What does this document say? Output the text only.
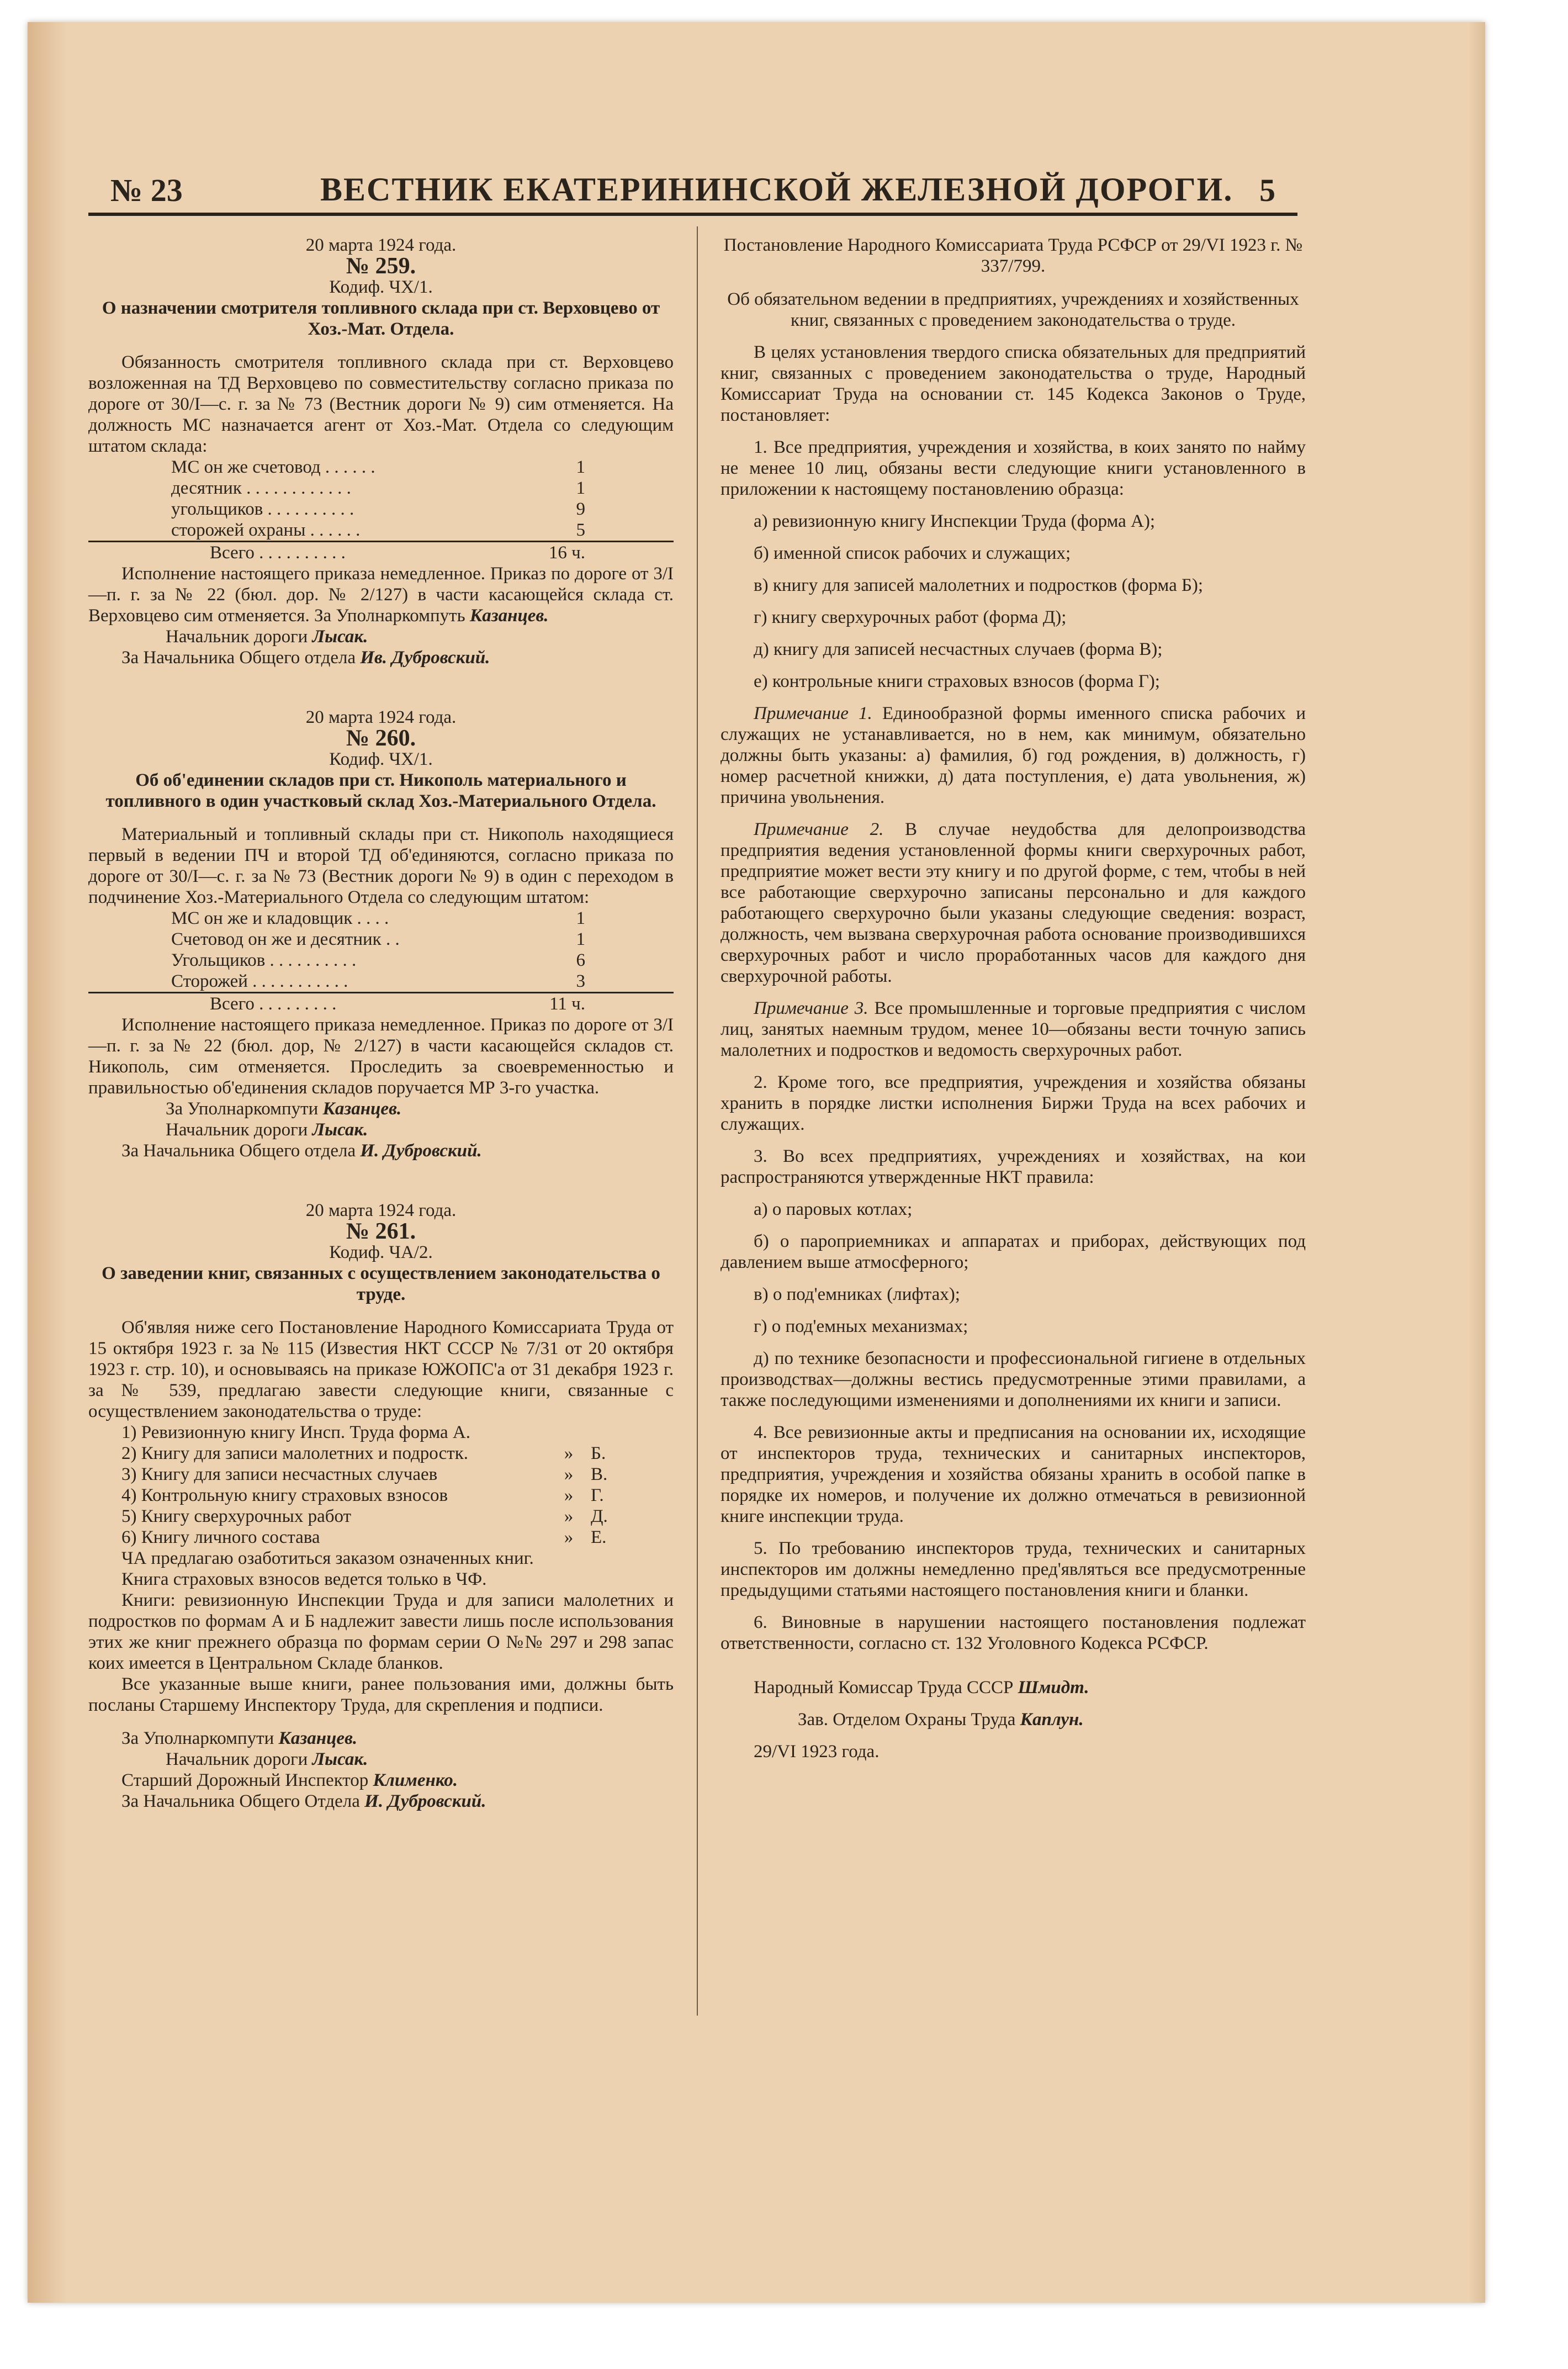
№ 23	ВЕСТНИК ЕКАТЕРИНИНСКОЙ ЖЕЛЕЗНОЙ ДОРОГИ. 5

20 марта 1924 года.

№ 259.

Кодиф. ЧХ/1.

О назначении смотрителя топливного склада при ст. Верховцево от Хоз.-Мат. Отдела.

Обязанность смотрителя топливного склада при ст. Верховцево возложенная на ТД Верховцево по совместительству согласно приказа по дороге от 30/I—с. г. за № 73 (Вестник дороги № 9) сим отменяется. На должность МС назначается агент от Хоз.-Мат. Отдела со следующим штатом склада:

МС он же счетовод . . . . . .	1
десятник . . . . . . . . . . . .	1
угольщиков . . . . . . . . . .	9
сторожей охраны . . . . . .	5
Всего . . . . . . . . . .	16 ч.

Исполнение настоящего приказа немедленное. Приказ по дороге от 3/I—п. г. за № 22 (бюл. дор. № 2/127) в части касающейся склада ст. Верховцево сим отменяется. За Уполнаркомпуть Казанцев.

Начальник дороги Лысак.

За Начальника Общего отдела Ив. Дубровский.

20 марта 1924 года.

№ 260.

Кодиф. ЧХ/1.

Об об'единении складов при ст. Никополь материального и топливного в один участковый склад Хоз.-Материального Отдела.

Материальный и топливный склады при ст. Никополь находящиеся первый в ведении ПЧ и второй ТД об'единяются, согласно приказа по дороге от 30/I—с. г. за № 73 (Вестник дороги № 9) в один с переходом в подчинение Хоз.-Материального Отдела со следующим штатом:

МС он же и кладовщик . . . .	1
Счетовод он же и десятник . .	1
Угольщиков . . . . . . . . . .	6
Сторожей . . . . . . . . . . .	3
Всего . . . . . . . . .	11 ч.

Исполнение настоящего приказа немедленное. Приказ по дороге от 3/I—п. г. за № 22 (бюл. дор, № 2/127) в части касающейся складов ст. Никополь, сим отменяется. Проследить за своевременностью и правильностью об'единения складов поручается МР 3-го участка.

За Уполнаркомпути Казанцев.

Начальник дороги Лысак.

За Начальника Общего отдела И. Дубровский.

20 марта 1924 года.

№ 261.

Кодиф. ЧА/2.

О заведении книг, связанных с осуществлением законодательства о труде.

Об'являя ниже сего Постановление Народного Комиссариата Труда от 15 октября 1923 г. за № 115 (Известия НКТ СССР № 7/31 от 20 октября 1923 г. стр. 10), и основываясь на приказе ЮЖОПС'а от 31 декабря 1923 г. за № 539, предлагаю завести следующие книги, связанные с осуществлением законодательства о труде:

1) Ревизионную книгу Инсп. Труда форма А.		
2) Книгу для записи малолетних и подростк.	»	Б.
3) Книгу для записи несчастных случаев	»	В.
4) Контрольную книгу страховых взносов	»	Г.
5) Книгу сверхурочных работ	»	Д.
6) Книгу личного состава	»	Е.

ЧА предлагаю озаботиться заказом означенных книг.

Книга страховых взносов ведется только в ЧФ.

Книги: ревизионную Инспекции Труда и для записи малолетних и подростков по формам А и Б надлежит завести лишь после использования этих же книг прежнего образца по формам серии О №№ 297 и 298 запас коих имеется в Центральном Складе бланков.

Все указанные выше книги, ранее пользования ими, должны быть посланы Старшему Инспектору Труда, для скрепления и подписи.

За Уполнаркомпути Казанцев.

Начальник дороги Лысак.

Старший Дорожный Инспектор Клименко.

За Начальника Общего Отдела И. Дубровский.

Постановление Народного Комиссариата Труда РСФСР от 29/VI 1923 г. № 337/799.

Об обязательном ведении в предприятиях, учреждениях и хозяйственных книг, связанных с проведением законодательства о труде.

В целях установления твердого списка обязательных для предприятий книг, связанных с проведением законодательства о труде, Народный Комиссариат Труда на основании ст. 145 Кодекса Законов о Труде, постановляет:

1. Все предприятия, учреждения и хозяйства, в коих занято по найму не менее 10 лиц, обязаны вести следующие книги установленного в приложении к настоящему постановлению образца:

а) ревизионную книгу Инспекции Труда (форма А);

б) именной список рабочих и служащих;

в) книгу для записей малолетних и подростков (форма Б);

г) книгу сверхурочных работ (форма Д);

д) книгу для записей несчастных случаев (форма В);

е) контрольные книги страховых взносов (форма Г);

Примечание 1. Единообразной формы именного списка рабочих и служащих не устанавливается, но в нем, как минимум, обязательно должны быть указаны: а) фамилия, б) год рождения, в) должность, г) номер расчетной книжки, д) дата поступления, е) дата увольнения, ж) причина увольнения.

Примечание 2. В случае неудобства для делопроизводства предприятия ведения установленной формы книги сверхурочных работ, предприятие может вести эту книгу и по другой форме, с тем, чтобы в ней все работающие сверхурочно записаны персонально и для каждого работающего сверхурочно были указаны следующие сведения: возраст, должность, чем вызвана сверхурочная работа основание производившихся сверхурочных работ и число проработанных часов для каждого дня сверхурочной работы.

Примечание 3. Все промышленные и торговые предприятия с числом лиц, занятых наемным трудом, менее 10—обязаны вести точную запись малолетних и подростков и ведомость сверхурочных работ.

2. Кроме того, все предприятия, учреждения и хозяйства обязаны хранить в порядке листки исполнения Биржи Труда на всех рабочих и служащих.

3. Во всех предприятиях, учреждениях и хозяйствах, на кои распространяются утвержденные НКТ правила:

а) о паровых котлах;

б) о пароприемниках и аппаратах и приборах, действующих под давлением выше атмосферного;

в) о под'емниках (лифтах);

г) о под'емных механизмах;

д) по технике безопасности и профессиональной гигиене в отдельных производствах—должны вестись предусмотренные этими правилами, а также последующими изменениями и дополнениями их книги и записи.

4. Все ревизионные акты и предписания на основании их, исходящие от инспекторов труда, технических и санитарных инспекторов, предприятия, учреждения и хозяйства обязаны хранить в особой папке в порядке их номеров, и получение их должно отмечаться в ревизионной книге инспекции труда.

5. По требованию инспекторов труда, технических и санитарных инспекторов им должны немедленно пред'являться все предусмотренные предыдущими статьями настоящего постановления книги и бланки.

6. Виновные в нарушении настоящего постановления подлежат ответственности, согласно ст. 132 Уголовного Кодекса РСФСР.

Народный Комиссар Труда СССР Шмидт.

Зав. Отделом Охраны Труда Каплун.

29/VI 1923 года.
